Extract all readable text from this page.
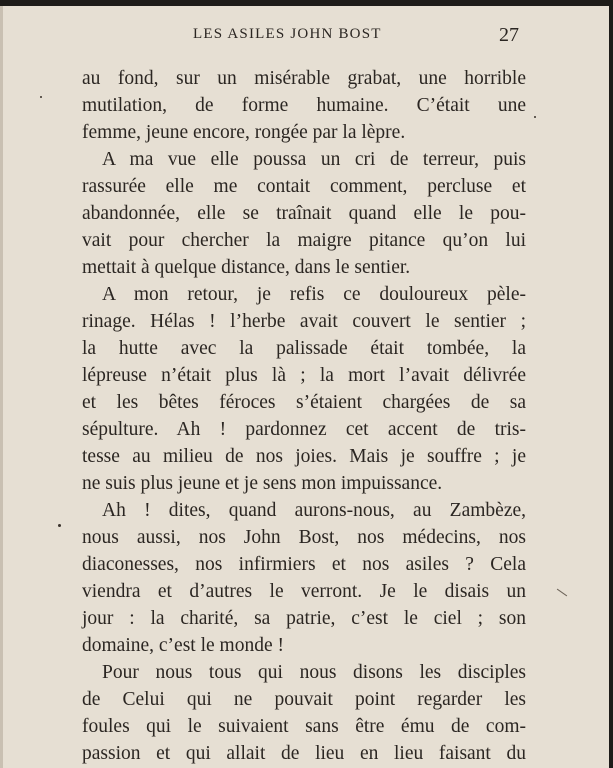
LES ASILES JOHN BOST	27
au fond, sur un misérable grabat, une horrible
mutilation, de forme humaine. C’était une
femme, jeune encore, rongée par la lèpre.
A ma vue elle poussa un cri de terreur, puis
rassurée elle me contait comment, percluse et
abandonnée, elle se traînait quand elle le pou-
vait pour chercher la maigre pitance qu’on lui
mettait à quelque distance, dans le sentier.
A mon retour, je refis ce douloureux pèle-
rinage. Hélas ! l’herbe avait couvert le sentier ;
la hutte avec la palissade était tombée, la
lépreuse n’était plus là ; la mort l’avait délivrée
et les bêtes féroces s’étaient chargées de sa
sépulture. Ah ! pardonnez cet accent de tris-
tesse au milieu de nos joies. Mais je souffre ; je
ne suis plus jeune et je sens mon impuissance.
Ah ! dites, quand aurons-nous, au Zambèze,
nous aussi, nos John Bost, nos médecins, nos
diaconesses, nos infirmiers et nos asiles ? Cela
viendra et d’autres le verront. Je le disais un
jour : la charité, sa patrie, c’est le ciel ; son
domaine, c’est le monde !
Pour nous tous qui nous disons les disciples
de Celui qui ne pouvait point regarder les
foules qui le suivaient sans être ému de com-
passion et qui allait de lieu en lieu faisant du
